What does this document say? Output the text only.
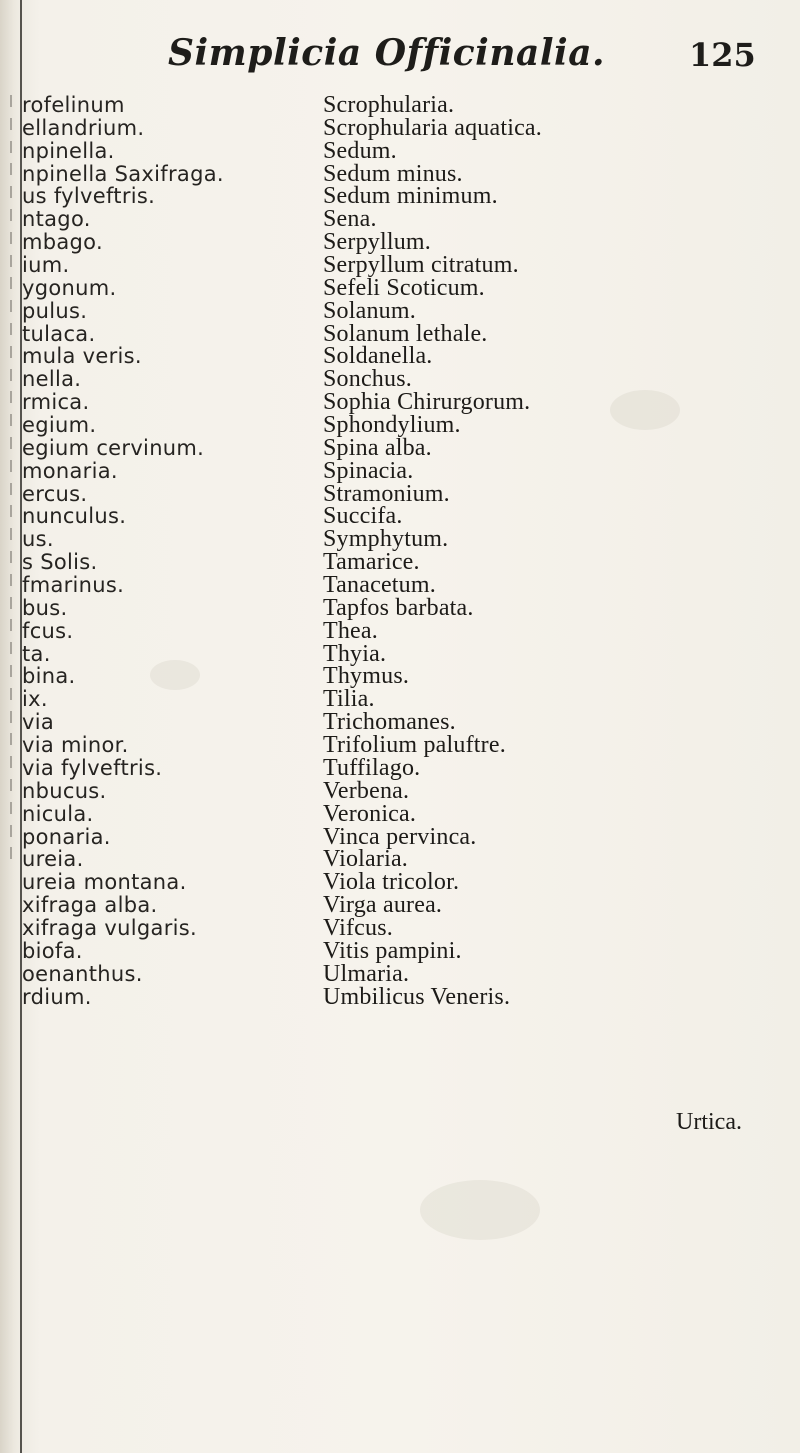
Simplicia Officinalia.	125
rofelinum
ellandrium.
npinella.
npinella Saxifraga.
us fylveftris.
ntago.
mbago.
ium.
ygonum.
pulus.
tulaca.
mula veris.
nella.
rmica.
egium.
egium cervinum.
monaria.
ercus.
nunculus.
us.
s Solis.
fmarinus.
bus.
fcus.
ta.
bina.
ix.
via
via minor.
via fylveftris.
nbucus.
nicula.
ponaria.
ureia.
ureia montana.
xifraga alba.
xifraga vulgaris.
biofa.
oenanthus.
rdium.
Scrophularia.
Scrophularia aquatica.
Sedum.
Sedum minus.
Sedum minimum.
Sena.
Serpyllum.
Serpyllum citratum.
Sefeli Scoticum.
Solanum.
Solanum lethale.
Soldanella.
Sonchus.
Sophia Chirurgorum.
Sphondylium.
Spina alba.
Spinacia.
Stramonium.
Succifa.
Symphytum.
Tamarice.
Tanacetum.
Tapfos barbata.
Thea.
Thyia.
Thymus.
Tilia.
Trichomanes.
Trifolium paluftre.
Tuffilago.
Verbena.
Veronica.
Vinca pervinca.
Violaria.
Viola tricolor.
Virga aurea.
Vifcus.
Vitis pampini.
Ulmaria.
Umbilicus Veneris.
Urtica.
